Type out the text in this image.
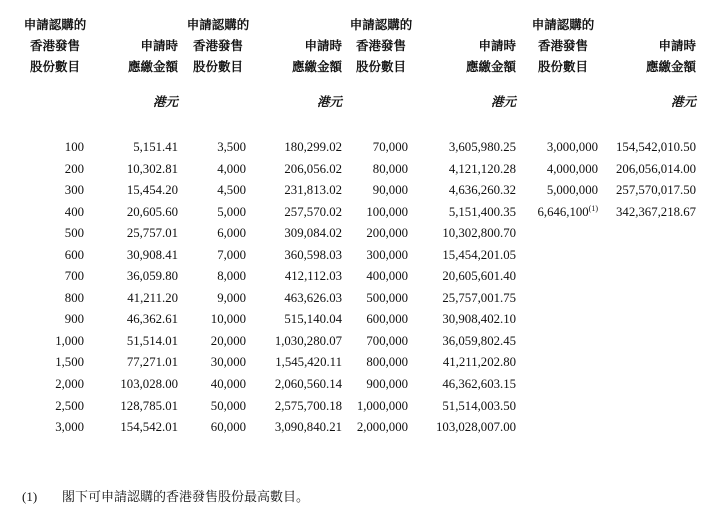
申請認購的
香港發售
股份數目
申請時
應繳金額
港元
申請認購的
香港發售
股份數目
申請時
應繳金額
港元
申請認購的
香港發售
股份數目
申請時
應繳金額
港元
申請認購的
香港發售
股份數目
申請時
應繳金額
港元
100
200
300
400
500
600
700
800
900
1,000
1,500
2,000
2,500
3,000
5,151.41
10,302.81
15,454.20
20,605.60
25,757.01
30,908.41
36,059.80
41,211.20
46,362.61
51,514.01
77,271.01
103,028.00
128,785.01
154,542.01
3,500
4,000
4,500
5,000
6,000
7,000
8,000
9,000
10,000
20,000
30,000
40,000
50,000
60,000
180,299.02
206,056.02
231,813.02
257,570.02
309,084.02
360,598.03
412,112.03
463,626.03
515,140.04
1,030,280.07
1,545,420.11
2,060,560.14
2,575,700.18
3,090,840.21
70,000
80,000
90,000
100,000
200,000
300,000
400,000
500,000
600,000
700,000
800,000
900,000
1,000,000
2,000,000
3,605,980.25
4,121,120.28
4,636,260.32
5,151,400.35
10,302,800.70
15,454,201.05
20,605,601.40
25,757,001.75
30,908,402.10
36,059,802.45
41,211,202.80
46,362,603.15
51,514,003.50
103,028,007.00
3,000,000
4,000,000
5,000,000
6,646,100$^{(1)}$
154,542,010.50
206,056,014.00
257,570,017.50
342,367,218.67
(1) 閣下可申請認購的香港發售股份最高數目。
